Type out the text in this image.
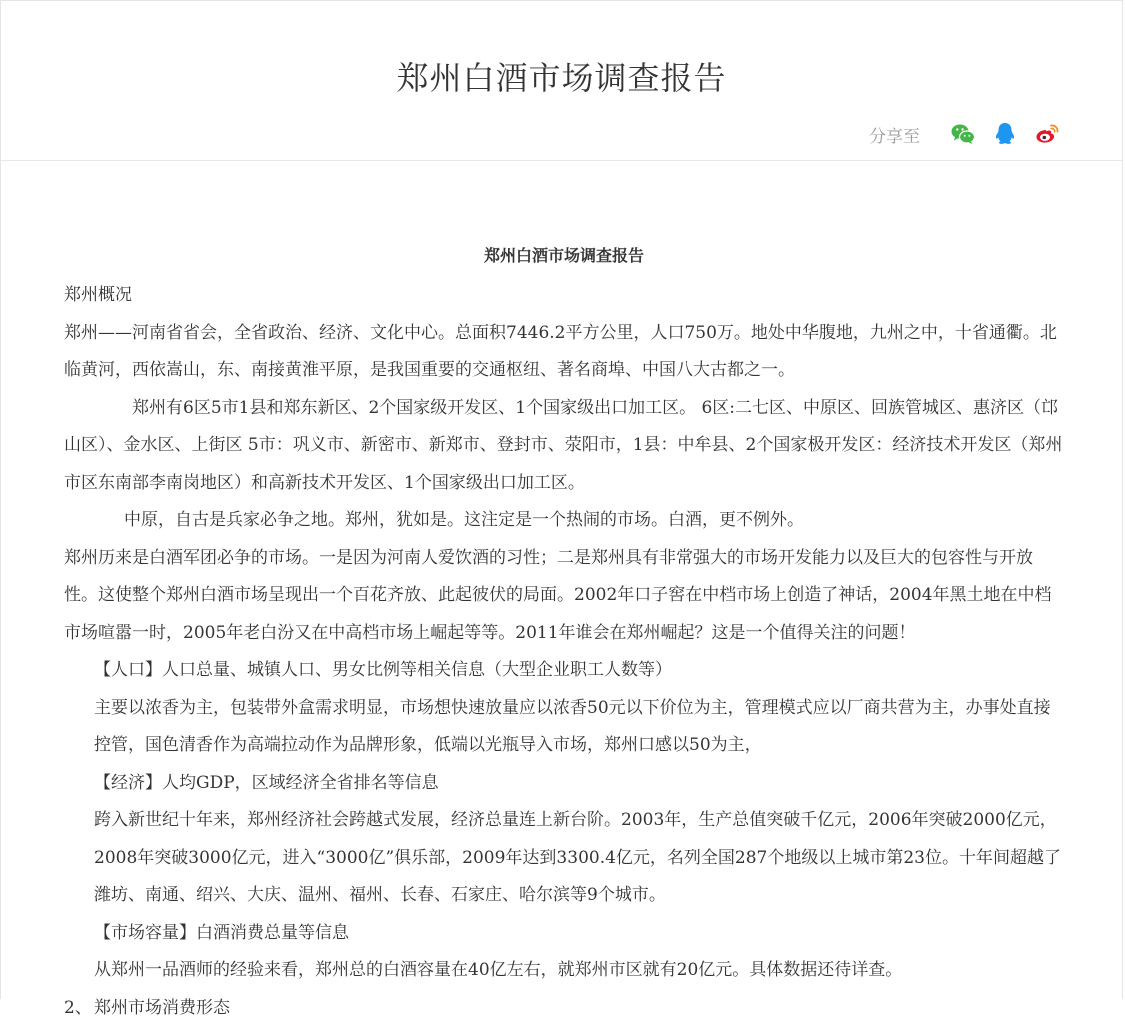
郑州白酒市场调查报告
分享至

郑州白酒市场调查报告

郑州概况

郑州——河南省省会，全省政治、经济、文化中心。总面积7446.2平方公里，人口750万。地处中华腹地，九州之中，十省通衢。北临黄河，西依嵩山，东、南接黄淮平原，是我国重要的交通枢纽、著名商埠、中国八大古都之一。

郑州有6区5市1县和郑东新区、2个国家级开发区、1个国家级出口加工区。 6区:二七区、中原区、回族管城区、惠济区（邙山区）、金水区、上街区 5市：巩义市、新密市、新郑市、登封市、荥阳市，1县：中牟县、2个国家极开发区：经济技术开发区（郑州市区东南部李南岗地区）和高新技术开发区、1个国家级出口加工区。

中原，自古是兵家必争之地。郑州，犹如是。这注定是一个热闹的市场。白酒，更不例外。

郑州历来是白酒军团必争的市场。一是因为河南人爱饮酒的习性；二是郑州具有非常强大的市场开发能力以及巨大的包容性与开放性。这使整个郑州白酒市场呈现出一个百花齐放、此起彼伏的局面。2002年口子窖在中档市场上创造了神话，2004年黑土地在中档市场喧嚣一时，2005年老白汾又在中高档市场上崛起等等。2011年谁会在郑州崛起？这是一个值得关注的问题！

【人口】人口总量、城镇人口、男女比例等相关信息（大型企业职工人数等）

主要以浓香为主，包装带外盒需求明显，市场想快速放量应以浓香50元以下价位为主，管理模式应以厂商共营为主，办事处直接控管，国色清香作为高端拉动作为品牌形象，低端以光瓶导入市场，郑州口感以50为主，

【经济】人均GDP，区域经济全省排名等信息

跨入新世纪十年来，郑州经济社会跨越式发展，经济总量连上新台阶。2003年，生产总值突破千亿元，2006年突破2000亿元，2008年突破3000亿元，进入“3000亿”俱乐部，2009年达到3300.4亿元，名列全国287个地级以上城市第23位。十年间超越了潍坊、南通、绍兴、大庆、温州、福州、长春、石家庄、哈尔滨等9个城市。

【市场容量】白酒消费总量等信息

从郑州一品酒师的经验来看，郑州总的白酒容量在40亿左右，就郑州市区就有20亿元。具体数据还待详查。

2、 郑州市场消费形态
